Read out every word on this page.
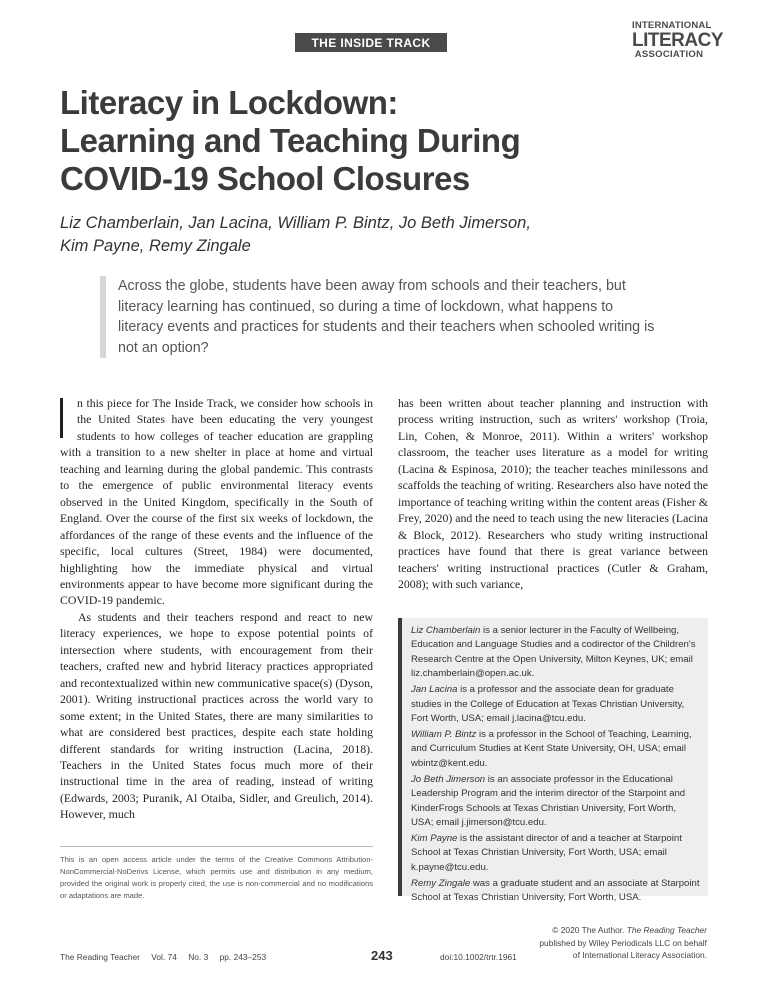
THE INSIDE TRACK
INTERNATIONAL
LITERACY
ASSOCIATION
Literacy in Lockdown:
Learning and Teaching During
COVID-19 School Closures
Liz Chamberlain, Jan Lacina, William P. Bintz, Jo Beth Jimerson,
Kim Payne, Remy Zingale
Across the globe, students have been away from schools and their teachers, but literacy learning has continued, so during a time of lockdown, what happens to literacy events and practices for students and their teachers when schooled writing is not an option?

n this piece for The Inside Track, we consider how schools in the United States have been educating the very youngest students to how colleges of teacher education are grappling with a transition to a new shelter in place at home and virtual teaching and learning during the global pandemic. This contrasts to the emergence of public environmental literacy events observed in the United Kingdom, specifically in the South of England. Over the course of the first six weeks of lockdown, the affordances of the range of these events and the influence of the specific, local cultures (Street, 1984) were documented, highlighting how the immediate physical and virtual environments appear to have become more significant during the COVID-19 pandemic.

As students and their teachers respond and react to new literacy experiences, we hope to expose potential points of intersection where students, with encouragement from their teachers, crafted new and hybrid literacy practices appropriated and recontextualized within new communicative space(s) (Dyson, 2001). Writing instructional practices across the world vary to some extent; in the United States, there are many similarities to what are considered best practices, despite each state holding different standards for writing instruction (Lacina, 2018). Teachers in the United States focus much more of their instructional time in the area of reading, instead of writing (Edwards, 2003; Puranik, Al Otaiba, Sidler, and Greulich, 2014). However, much

has been written about teacher planning and instruction with process writing instruction, such as writers' workshop (Troia, Lin, Cohen, & Monroe, 2011). Within a writers' workshop classroom, the teacher uses literature as a model for writing (Lacina & Espinosa, 2010); the teacher teaches minilessons and scaffolds the teaching of writing. Researchers also have noted the importance of teaching writing within the content areas (Fisher & Frey, 2020) and the need to teach using the new literacies (Lacina & Block, 2012). Researchers who study writing instructional practices have found that there is great variance between teachers' writing instructional practices (Cutler & Graham, 2008); with such variance,

Liz Chamberlain is a senior lecturer in the Faculty of Wellbeing, Education and Language Studies and a codirector of the Children's Research Centre at the Open University, Milton Keynes, UK; email liz.chamberlain@open.ac.uk.

Jan Lacina is a professor and the associate dean for graduate studies in the College of Education at Texas Christian University, Fort Worth, USA; email j.lacina@tcu.edu.

William P. Bintz is a professor in the School of Teaching, Learning, and Curriculum Studies at Kent State University, OH, USA; email wbintz@kent.edu.

Jo Beth Jimerson is an associate professor in the Educational Leadership Program and the interim director of the Starpoint and KinderFrogs Schools at Texas Christian University, Fort Worth, USA; email j.jimerson@tcu.edu.

Kim Payne is the assistant director of and a teacher at Starpoint School at Texas Christian University, Fort Worth, USA; email k.payne@tcu.edu.

Remy Zingale was a graduate student and an associate at Starpoint School at Texas Christian University, Fort Worth, USA.

This is an open access article under the terms of the Creative Commons Attribution-NonCommercial-NoDerivs License, which permits use and distribution in any medium, provided the original work is properly cited, the use is non-commercial and no modifications or adaptations are made.
The Reading Teacher Vol. 74 No. 3 pp. 243–253	243	doi:10.1002/trtr.1961
© 2020 The Author. The Reading Teacher
published by Wiley Periodicals LLC on behalf
of International Literacy Association.
